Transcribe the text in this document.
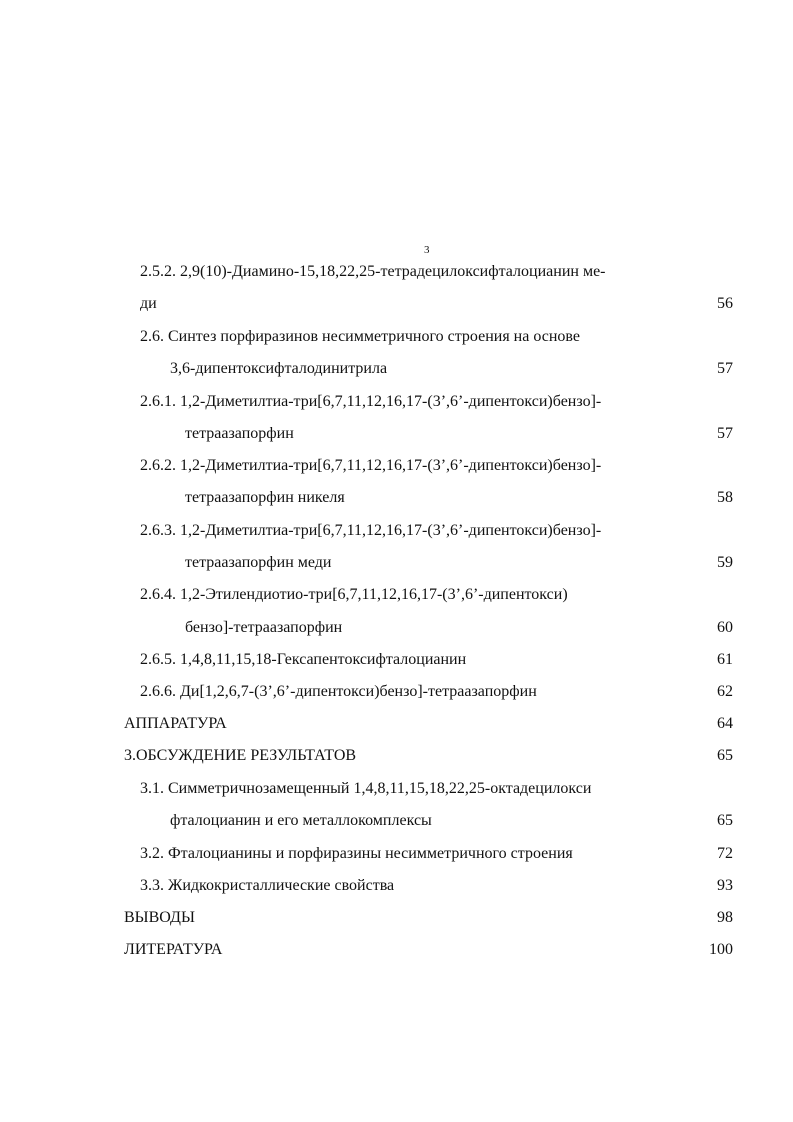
3
2.5.2. 2,9(10)-Диамино-15,18,22,25-тетрадецилоксифталоцианин ме-
ди	56
2.6. Синтез порфиразинов несимметричного строения на основе
3,6-дипентоксифталодинитрила	57
2.6.1. 1,2-Диметилтиа-три[6,7,11,12,16,17-(3’,6’-дипентокси)бензо]-
тетраазапорфин	57
2.6.2. 1,2-Диметилтиа-три[6,7,11,12,16,17-(3’,6’-дипентокси)бензо]-
тетраазапорфин никеля	58
2.6.3. 1,2-Диметилтиа-три[6,7,11,12,16,17-(3’,6’-дипентокси)бензо]-
тетраазапорфин меди	59
2.6.4. 1,2-Этилендиотио-три[6,7,11,12,16,17-(3’,6’-дипентокси)
бензо]-тетраазапорфин	60
2.6.5. 1,4,8,11,15,18-Гексапентоксифталоцианин	61
2.6.6. Ди[1,2,6,7-(3’,6’-дипентокси)бензо]-тетраазапорфин	62
АППАРАТУРА	64
3.ОБСУЖДЕНИЕ РЕЗУЛЬТАТОВ	65
3.1. Симметричнозамещенный 1,4,8,11,15,18,22,25-октадецилокси
фталоцианин и его металлокомплексы	65
3.2. Фталоцианины и порфиразины несимметричного строения	72
3.3. Жидкокристаллические свойства	93
ВЫВОДЫ	98
ЛИТЕРАТУРА	100
